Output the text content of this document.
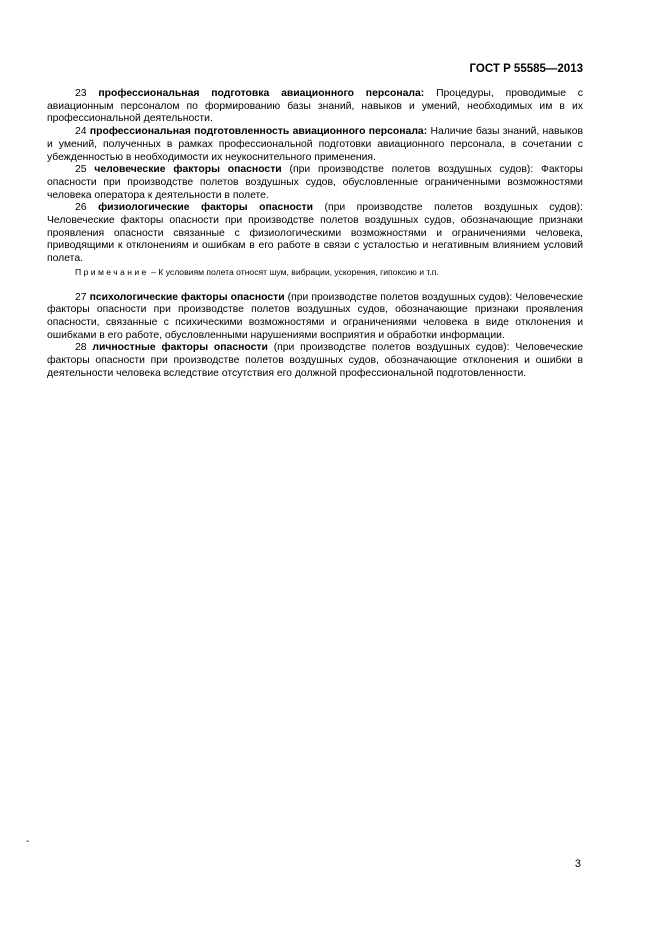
ГОСТ Р 55585—2013

23 профессиональная подготовка авиационного персонала: Процедуры, проводимые с авиационным персоналом по формированию базы знаний, навыков и умений, необходимых им в их профессиональной деятельности.

24 профессиональная подготовленность авиационного персонала: Наличие базы знаний, навыков и умений, полученных в рамках профессиональной подготовки авиационного персонала, в сочетании с убежденностью в необходимости их неукоснительного применения.

25 человеческие факторы опасности (при производстве полетов воздушных судов): Факторы опасности при производстве полетов воздушных судов, обусловленные ограниченными возможностями человека оператора к деятельности в полете.

26 физиологические факторы опасности (при производстве полетов воздушных судов): Человеческие факторы опасности при производстве полетов воздушных судов, обозначающие признаки проявления опасности связанные с физиологическими возможностями и ограничениями человека, приводящими к отклонениям и ошибкам в его работе в связи с усталостью и негативным влиянием условий полета.

Примечание – К условиям полета относят шум, вибрации, ускорения, гипоксию и т.п.

27 психологические факторы опасности (при производстве полетов воздушных судов): Человеческие факторы опасности при производстве полетов воздушных судов, обозначающие признаки проявления опасности, связанные с психическими возможностями и ограничениями человека в виде отклонения и ошибками в его работе, обусловленными нарушениями восприятия и обработки информации.

28 личностные факторы опасности (при производстве полетов воздушных судов): Человеческие факторы опасности при производстве полетов воздушных судов, обозначающие отклонения и ошибки в деятельности человека вследствие отсутствия его должной профессиональной подготовленности.

-
3
